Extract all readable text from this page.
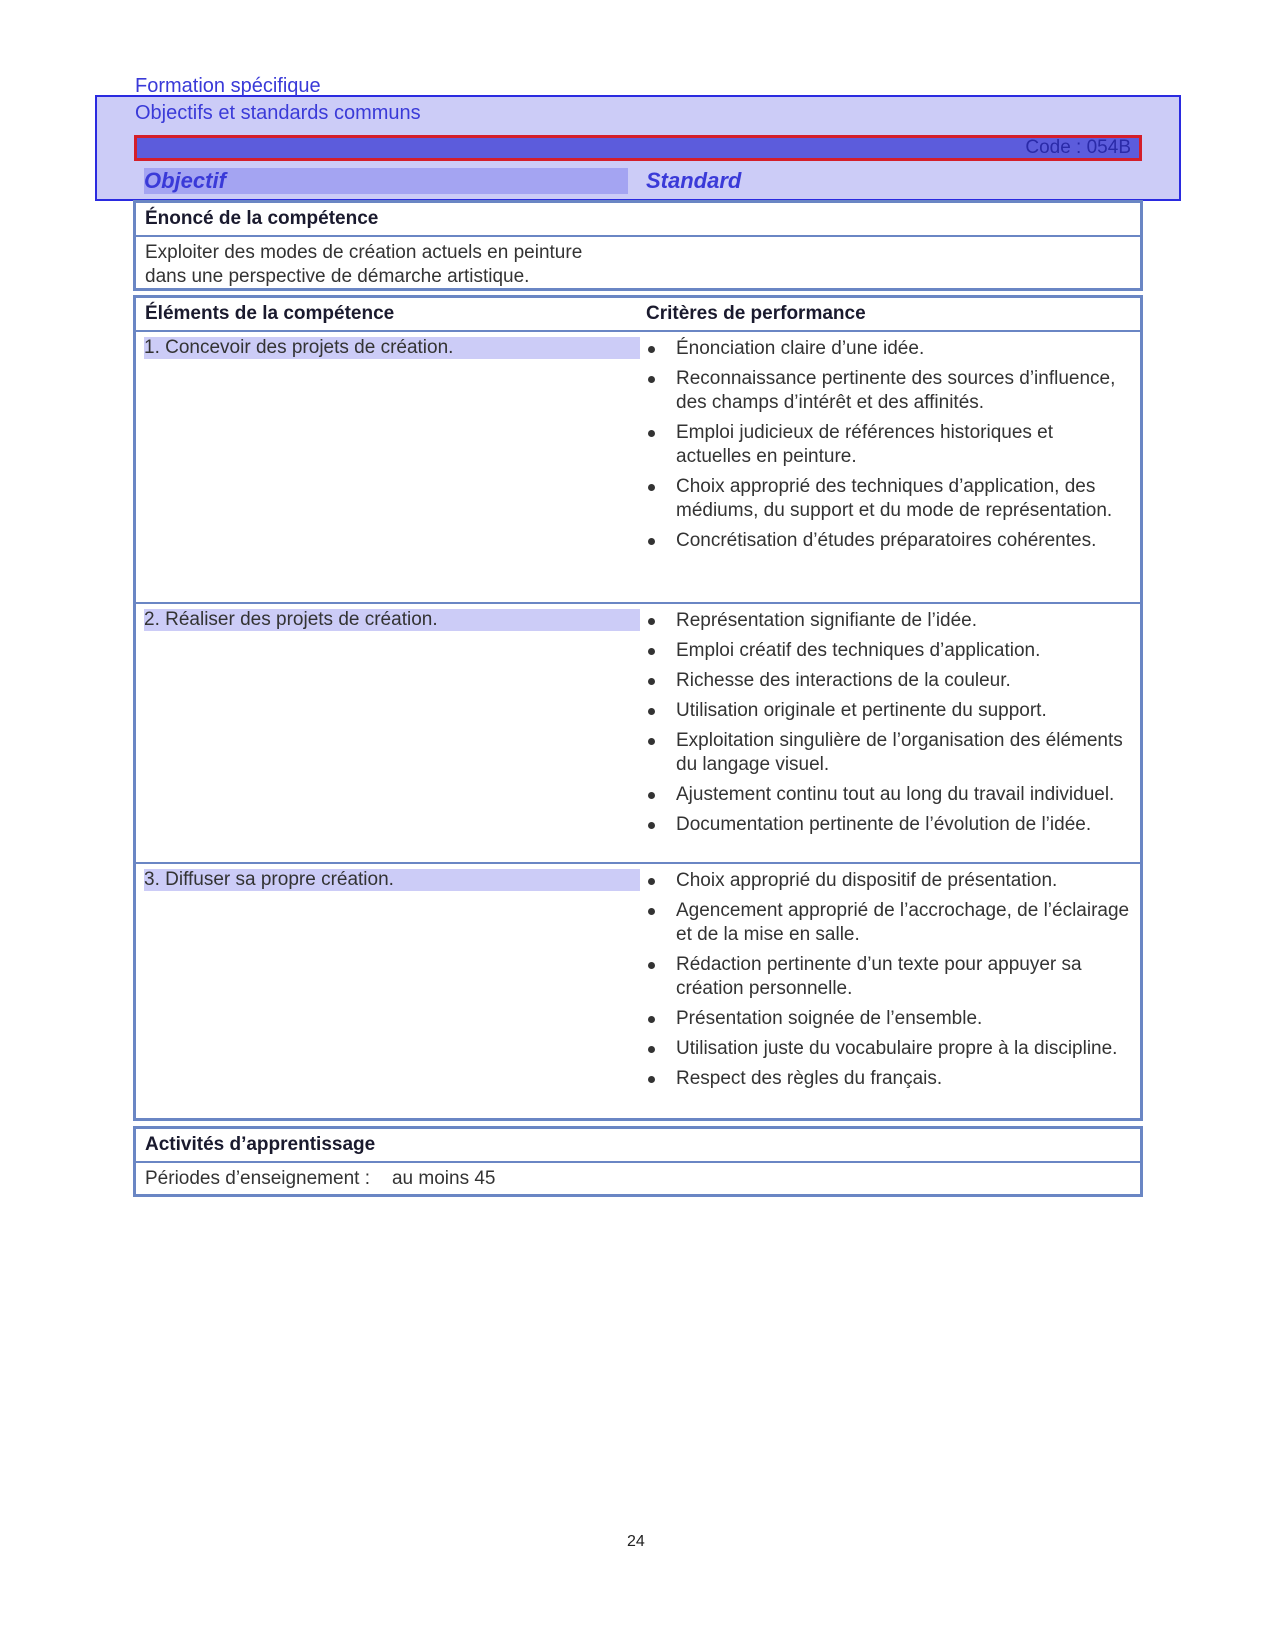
Formation spécifique
Objectifs et standards communs
Code : 054B
Objectif	Standard
Énoncé de la compétence
Exploiter des modes de création actuels en peinture
dans une perspective de démarche artistique.
Éléments de la compétence	Critères de performance
1. Concevoir des projets de création.	Énonciation claire d’une idée.
Reconnaissance pertinente des sources d’influence, des champs d’intérêt et des affinités.
Emploi judicieux de références historiques et actuelles en peinture.
Choix approprié des techniques d’application, des médiums, du support et du mode de représentation.
Concrétisation d’études préparatoires cohérentes.
2. Réaliser des projets de création.	Représentation signifiante de l’idée.
Emploi créatif des techniques d’application.
Richesse des interactions de la couleur.
Utilisation originale et pertinente du support.
Exploitation singulière de l’organisation des éléments du langage visuel.
Ajustement continu tout au long du travail individuel.
Documentation pertinente de l’évolution de l’idée.
3. Diffuser sa propre création.	Choix approprié du dispositif de présentation.
Agencement approprié de l’accrochage, de l’éclairage et de la mise en salle.
Rédaction pertinente d’un texte pour appuyer sa création personnelle.
Présentation soignée de l’ensemble.
Utilisation juste du vocabulaire propre à la discipline.
Respect des règles du français.
Activités d’apprentissage
Périodes d’enseignement : au moins 45
24
